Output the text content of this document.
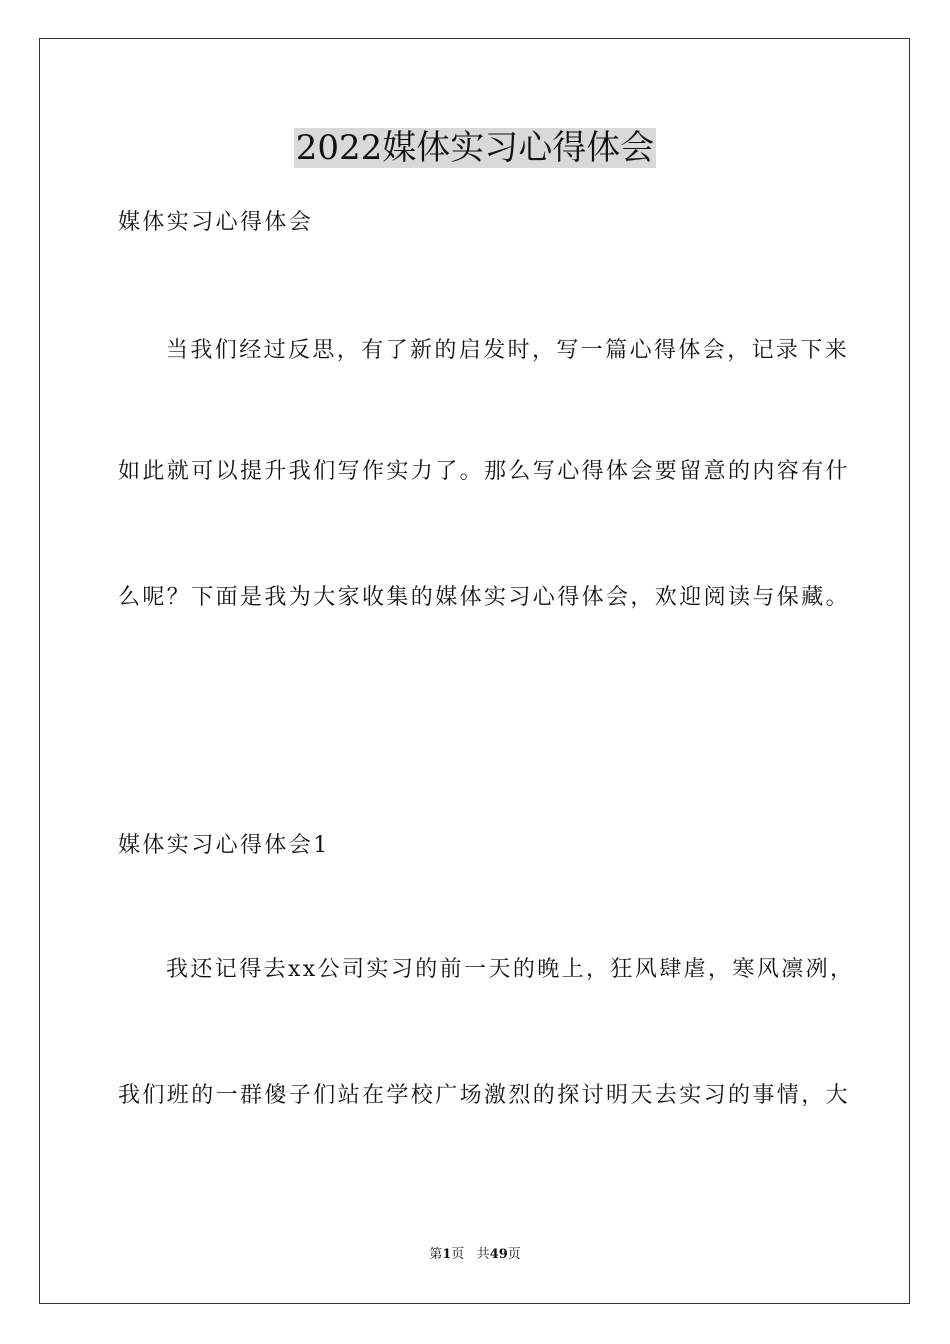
2022媒体实习心得体会

媒体实习心得体会

当我们经过反思，有了新的启发时，写一篇心得体会，记录下来

如此就可以提升我们写作实力了。那么写心得体会要留意的内容有什

么呢？下面是我为大家收集的媒体实习心得体会，欢迎阅读与保藏。

媒体实习心得体会1

我还记得去xx公司实习的前一天的晚上，狂风肆虐，寒风凛冽，

我们班的一群傻子们站在学校广场激烈的探讨明天去实习的事情，大

第1页 共49页
